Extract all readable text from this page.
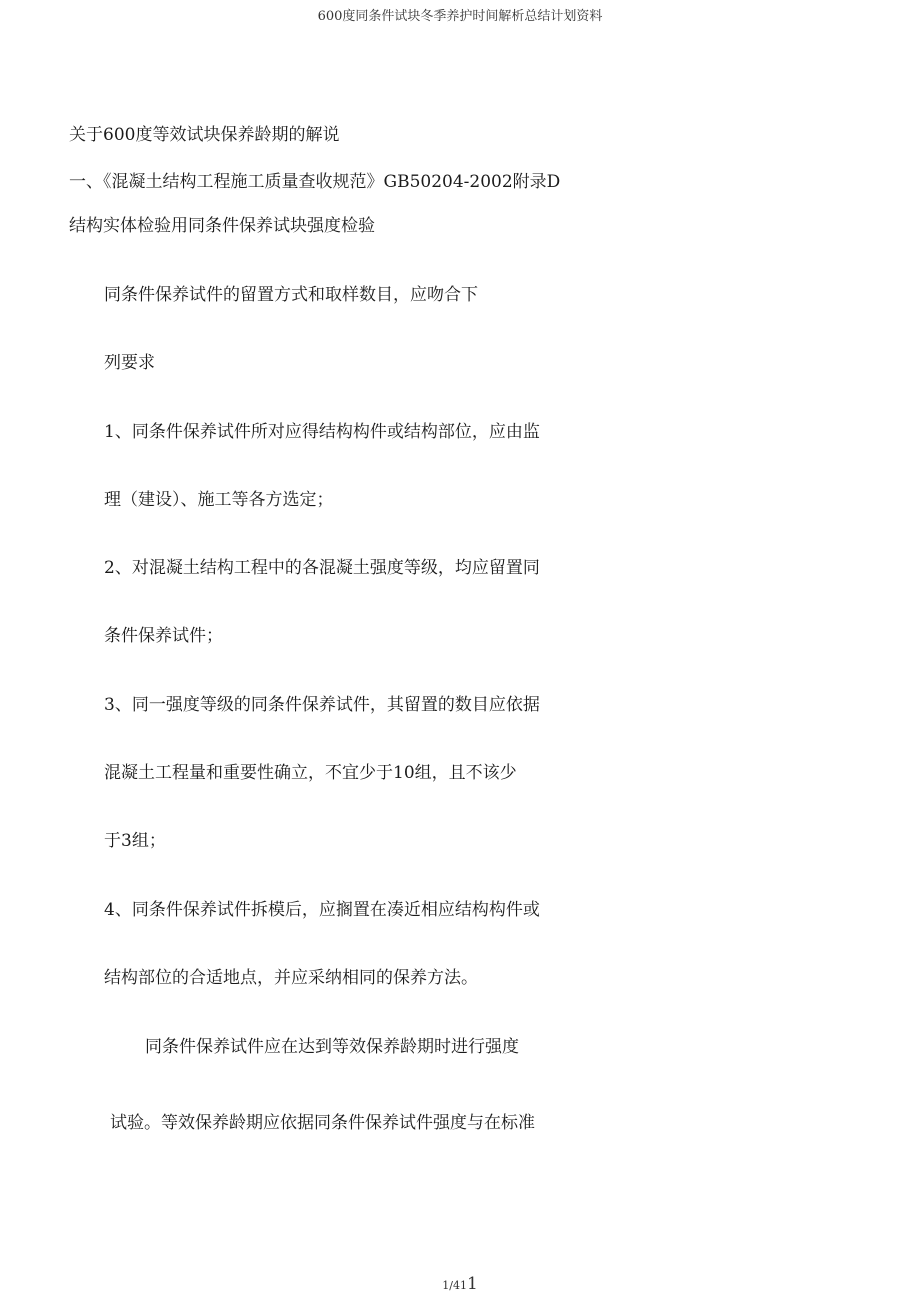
600度同条件试块冬季养护时间解析总结计划资料
关于600度等效试块保养龄期的解说
一、《混凝土结构工程施工质量查收规范》GB50204-2002附录D
结构实体检验用同条件保养试块强度检验
同条件保养试件的留置方式和取样数目，应吻合下
列要求
1、同条件保养试件所对应得结构构件或结构部位，应由监
理（建设）、施工等各方选定；
2、对混凝土结构工程中的各混凝土强度等级，均应留置同
条件保养试件；
3、同一强度等级的同条件保养试件，其留置的数目应依据
混凝土工程量和重要性确立，不宜少于10组，且不该少
于3组；
4、同条件保养试件拆模后，应搁置在凑近相应结构构件或
结构部位的合适地点，并应采纳相同的保养方法。
同条件保养试件应在达到等效保养龄期时进行强度
试验。等效保养龄期应依据同条件保养试件强度与在标准
1/411
